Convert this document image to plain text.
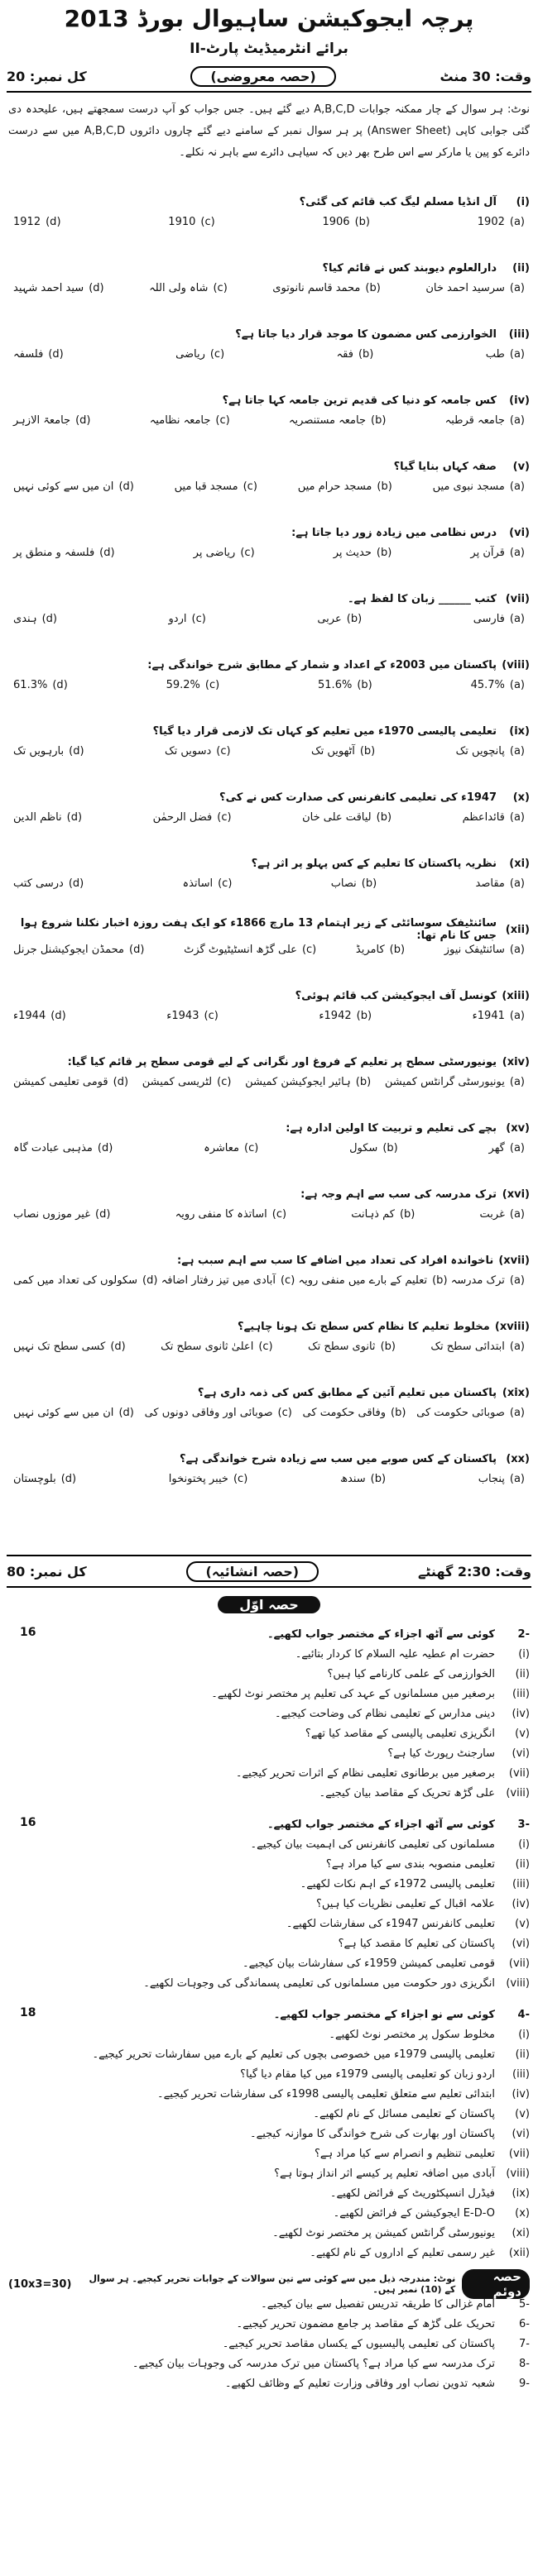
پرچہ ایجوکیشن ساہیوال بورڈ 2013
برائے انٹرمیڈیٹ پارٹ-II
وقت: 30 منٹ
(حصہ معروضی)
کل نمبر: 20
نوٹ: ہر سوال کے چار ممکنہ جوابات A,B,C,D دیے گئے ہیں۔ جس جواب کو آپ درست سمجھتے ہیں، علیحدہ دی گئی جوابی کاپی (Answer Sheet) پر ہر سوال نمبر کے سامنے دیے گئے چاروں دائروں A,B,C,D میں سے درست دائرے کو پین یا مارکر سے اس طرح بھر دیں کہ سیاہی دائرے سے باہر نہ نکلے۔
(i)
آل انڈیا مسلم لیگ کب قائم کی گئی؟
(a)
1902
(b)
1906
(c)
1910
(d)
1912
(ii)
دارالعلوم دیوبند کس نے قائم کیا؟
(a)
سرسید احمد خان
(b)
محمد قاسم نانوتوی
(c)
شاہ ولی اللہ
(d)
سید احمد شہید
(iii)
الخوارزمی کس مضمون کا موجد قرار دیا جاتا ہے؟
(a)
طب
(b)
فقہ
(c)
ریاضی
(d)
فلسفہ
(iv)
کس جامعہ کو دنیا کی قدیم ترین جامعہ کہا جاتا ہے؟
(a)
جامعہ قرطبہ
(b)
جامعہ مستنصریہ
(c)
جامعہ نظامیہ
(d)
جامعۃ الازہر
(v)
صفہ کہاں بنایا گیا؟
(a)
مسجد نبوی میں
(b)
مسجد حرام میں
(c)
مسجد قبا میں
(d)
ان میں سے کوئی نہیں
(vi)
درس نظامی میں زیادہ زور دیا جاتا ہے:
(a)
قرآن پر
(b)
حدیث پر
(c)
ریاضی پر
(d)
فلسفہ و منطق پر
(vii)
کتب ______ زبان کا لفظ ہے۔
(a)
فارسی
(b)
عربی
(c)
اردو
(d)
ہندی
(viii)
پاکستان میں 2003ء کے اعداد و شمار کے مطابق شرح خواندگی ہے:
(a)
45.7%
(b)
51.6%
(c)
59.2%
(d)
61.3%
(ix)
تعلیمی پالیسی 1970ء میں تعلیم کو کہاں تک لازمی قرار دیا گیا؟
(a)
پانچویں تک
(b)
آٹھویں تک
(c)
دسویں تک
(d)
بارہویں تک
(x)
1947ء کی تعلیمی کانفرنس کی صدارت کس نے کی؟
(a)
قائداعظم
(b)
لیاقت علی خان
(c)
فضل الرحمٰن
(d)
ناظم الدین
(xi)
نظریہ پاکستان کا تعلیم کے کس پہلو پر اثر ہے؟
(a)
مقاصد
(b)
نصاب
(c)
اساتذہ
(d)
درسی کتب
(xii)
سائنٹیفک سوسائٹی کے زیر اہتمام 13 مارچ 1866ء کو ایک ہفت روزہ اخبار نکلنا شروع ہوا جس کا نام تھا:
(a)
سائنٹیفک نیوز
(b)
کامریڈ
(c)
علی گڑھ انسٹیٹیوٹ گزٹ
(d)
محمڈن ایجوکیشنل جرنل
(xiii)
کونسل آف ایجوکیشن کب قائم ہوئی؟
(a)
1941ء
(b)
1942ء
(c)
1943ء
(d)
1944ء
(xiv)
یونیورسٹی سطح پر تعلیم کے فروغ اور نگرانی کے لیے قومی سطح پر قائم کیا گیا:
(a)
یونیورسٹی گرانٹس کمیشن
(b)
ہائیر ایجوکیشن کمیشن
(c)
لٹریسی کمیشن
(d)
قومی تعلیمی کمیشن
(xv)
بچے کی تعلیم و تربیت کا اولین ادارہ ہے:
(a)
گھر
(b)
سکول
(c)
معاشرہ
(d)
مذہبی عبادت گاہ
(xvi)
ترک مدرسہ کی سب سے اہم وجہ ہے:
(a)
غربت
(b)
کم ذہانت
(c)
اساتذہ کا منفی رویہ
(d)
غیر موزوں نصاب
(xvii)
ناخواندہ افراد کی تعداد میں اضافے کا سب سے اہم سبب ہے:
(a)
ترک مدرسہ
(b)
تعلیم کے بارے میں منفی رویہ
(c)
آبادی میں تیز رفتار اضافہ
(d)
سکولوں کی تعداد میں کمی
(xviii)
مخلوط تعلیم کا نظام کس سطح تک ہونا چاہیے؟
(a)
ابتدائی سطح تک
(b)
ثانوی سطح تک
(c)
اعلیٰ ثانوی سطح تک
(d)
کسی سطح تک نہیں
(xix)
پاکستان میں تعلیم آئین کے مطابق کس کی ذمہ داری ہے؟
(a)
صوبائی حکومت کی
(b)
وفاقی حکومت کی
(c)
صوبائی اور وفاقی دونوں کی
(d)
ان میں سے کوئی نہیں
(xx)
پاکستان کے کس صوبے میں سب سے زیادہ شرح خواندگی ہے؟
(a)
پنجاب
(b)
سندھ
(c)
خیبر پختونخوا
(d)
بلوچستان
وقت: 2:30 گھنٹے
(حصہ انشائیہ)
کل نمبر: 80
حصہ اوّل
-2
کوئی سے آٹھ اجزاء کے مختصر جواب لکھیے۔
16
(i)
حضرت ام عطیہ علیہ السلام کا کردار بتائیے۔
(ii)
الخوارزمی کے علمی کارنامے کیا ہیں؟
(iii)
برصغیر میں مسلمانوں کے عہد کی تعلیم پر مختصر نوٹ لکھیے۔
(iv)
دینی مدارس کے تعلیمی نظام کی وضاحت کیجیے۔
(v)
انگریزی تعلیمی پالیسی کے مقاصد کیا تھے؟
(vi)
سارجنٹ رپورٹ کیا ہے؟
(vii)
برصغیر میں برطانوی تعلیمی نظام کے اثرات تحریر کیجیے۔
(viii)
علی گڑھ تحریک کے مقاصد بیان کیجیے۔
-3
کوئی سے آٹھ اجزاء کے مختصر جواب لکھیے۔
16
(i)
مسلمانوں کی تعلیمی کانفرنس کی اہمیت بیان کیجیے۔
(ii)
تعلیمی منصوبہ بندی سے کیا مراد ہے؟
(iii)
تعلیمی پالیسی 1972ء کے اہم نکات لکھیے۔
(iv)
علامہ اقبال کے تعلیمی نظریات کیا ہیں؟
(v)
تعلیمی کانفرنس 1947ء کی سفارشات لکھیے۔
(vi)
پاکستان کی تعلیم کا مقصد کیا ہے؟
(vii)
قومی تعلیمی کمیشن 1959ء کی سفارشات بیان کیجیے۔
(viii)
انگریزی دور حکومت میں مسلمانوں کی تعلیمی پسماندگی کی وجوہات لکھیے۔
-4
کوئی سے نو اجزاء کے مختصر جواب لکھیے۔
18
(i)
مخلوط سکول پر مختصر نوٹ لکھیے۔
(ii)
تعلیمی پالیسی 1979ء میں خصوصی بچوں کی تعلیم کے بارے میں سفارشات تحریر کیجیے۔
(iii)
اردو زبان کو تعلیمی پالیسی 1979ء میں کیا مقام دیا گیا؟
(iv)
ابتدائی تعلیم سے متعلق تعلیمی پالیسی 1998ء کی سفارشات تحریر کیجیے۔
(v)
پاکستان کے تعلیمی مسائل کے نام لکھیے۔
(vi)
پاکستان اور بھارت کی شرح خواندگی کا موازنہ کیجیے۔
(vii)
تعلیمی تنظیم و انصرام سے کیا مراد ہے؟
(viii)
آبادی میں اضافہ تعلیم پر کیسے اثر انداز ہوتا ہے؟
(ix)
فیڈرل انسپکٹوریٹ کے فرائض لکھیے۔
(x)
E-D-O ایجوکیشن کے فرائض لکھیے۔
(xi)
یونیورسٹی گرانٹس کمیشن پر مختصر نوٹ لکھیے۔
(xii)
غیر رسمی تعلیم کے اداروں کے نام لکھیے۔
حصہ دوئم
نوٹ: مندرجہ ذیل میں سے کوئی سے تین سوالات کے جوابات تحریر کیجیے۔ ہر سوال کے (10) نمبر ہیں۔
(10x3=30)
-5
امام غزالی کا طریقہ تدریس تفصیل سے بیان کیجیے۔
-6
تحریک علی گڑھ کے مقاصد پر جامع مضمون تحریر کیجیے۔
-7
پاکستان کی تعلیمی پالیسیوں کے یکساں مقاصد تحریر کیجیے۔
-8
ترک مدرسہ سے کیا مراد ہے؟ پاکستان میں ترک مدرسہ کی وجوہات بیان کیجیے۔
-9
شعبہ تدوین نصاب اور وفاقی وزارت تعلیم کے وظائف لکھیے۔
